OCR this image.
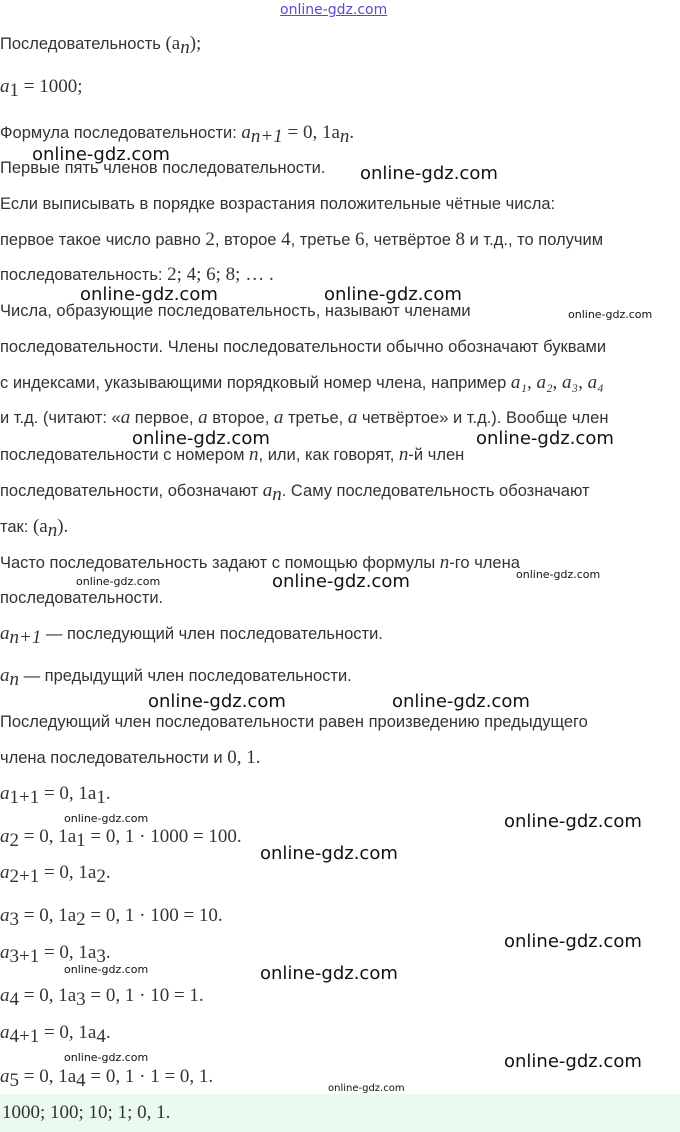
online-gdz.com
Последовательность $(a_n)$;
$a_1 = 1000$;
Формула последовательности: $a_{n+1} = 0$, $1a_n$.
Первые пять членов последовательности.
Если выписывать в порядке возрастания положительные чётные числа:
первое такое число равно 2, второе 4, третье 6, четвёртое 8 и т.д., то получим
последовательность: 2; 4; 6; 8; … .
Числа, образующие последовательность, называют членами
последовательности. Члены последовательности обычно обозначают буквами
с индексами, указывающими порядковый номер члена, например a₁, a₂, a₃, a₄
и т.д. (читают: «a первое, a второе, a третье, a четвёртое» и т.д.). Вообще член
последовательности с номером n, или, как говорят, n-й член
последовательности, обозначают $a_n$. Саму последовательность обозначают
так: $(a_n)$.
Часто последовательность задают с помощью формулы n-го члена
последовательности.
$a_{n+1}$ — последующий член последовательности.
$a_n$ — предыдущий член последовательности.
Последующий член последовательности равен произведению предыдущего
члена последовательности и 0, 1.
$a_{1+1} = 0$, $1a_1$.
$a_2 = 0$, $1a_1 = 0$, 1 · 1000 = 100.
$a_{2+1} = 0$, $1a_2$.
$a_3 = 0$, $1a_2 = 0$, 1 · 100 = 10.
$a_{3+1} = 0$, $1a_3$.
$a_4 = 0$, $1a_3 = 0$, 1 · 10 = 1.
$a_{4+1} = 0$, $1a_4$.
$a_5 = 0$, $1a_4 = 0$, 1 · 1 = 0, 1.
1000; 100; 10; 1; 0, 1.
online-gdz.com
online-gdz.com
online-gdz.com	online-gdz.com
online-gdz.com
online-gdz.com	online-gdz.com
online-gdz.com	online-gdz.com	online-gdz.com
online-gdz.com	online-gdz.com
online-gdz.com	online-gdz.com
online-gdz.com
online-gdz.com
online-gdz.com	online-gdz.com
online-gdz.com	online-gdz.com
online-gdz.com
